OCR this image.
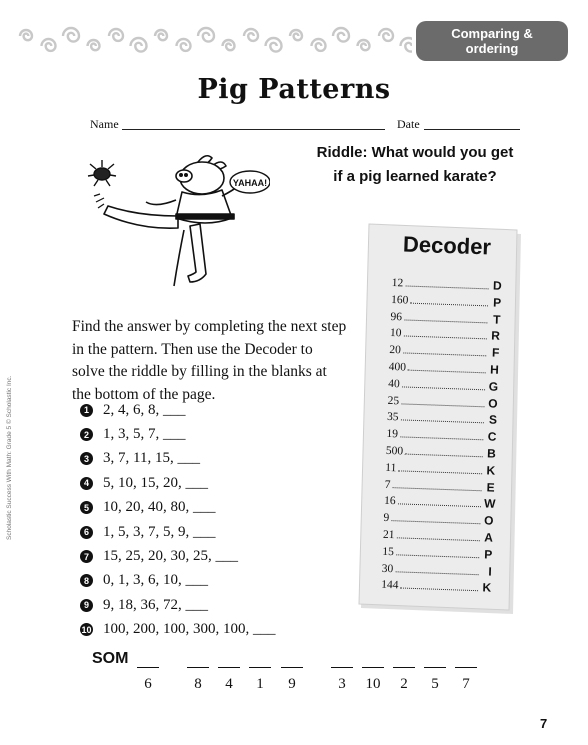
Comparing & ordering
Pig Patterns
Name	Date
Riddle: What would you get
if a pig learned karate?
YAHAA!
Decoder
12	D
160	P
96	T
10	R
20	F
400	H
40	G
25	O
35	S
19	C
500	B
11	K
7	E
16	W
9	O
21	A
15	P
30	I
144	K
Find the answer by completing the next step in the pattern. Then use the Decoder to solve the riddle by filling in the blanks at the bottom of the page.
1 2, 4, 6, 8, ___
2 1, 3, 5, 7, ___
3 3, 7, 11, 15, ___
4 5, 10, 15, 20, ___
5 10, 20, 40, 80, ___
6 1, 5, 3, 7, 5, 9, ___
7 15, 25, 20, 30, 25, ___
8 0, 1, 3, 6, 10, ___
9 9, 18, 36, 72, ___
10 100, 200, 100, 300, 100, ___
SOM
6	8	4	1	9	3	10	2	5	7
Scholastic Success With Math: Grade 5 © Scholastic Inc.
7
